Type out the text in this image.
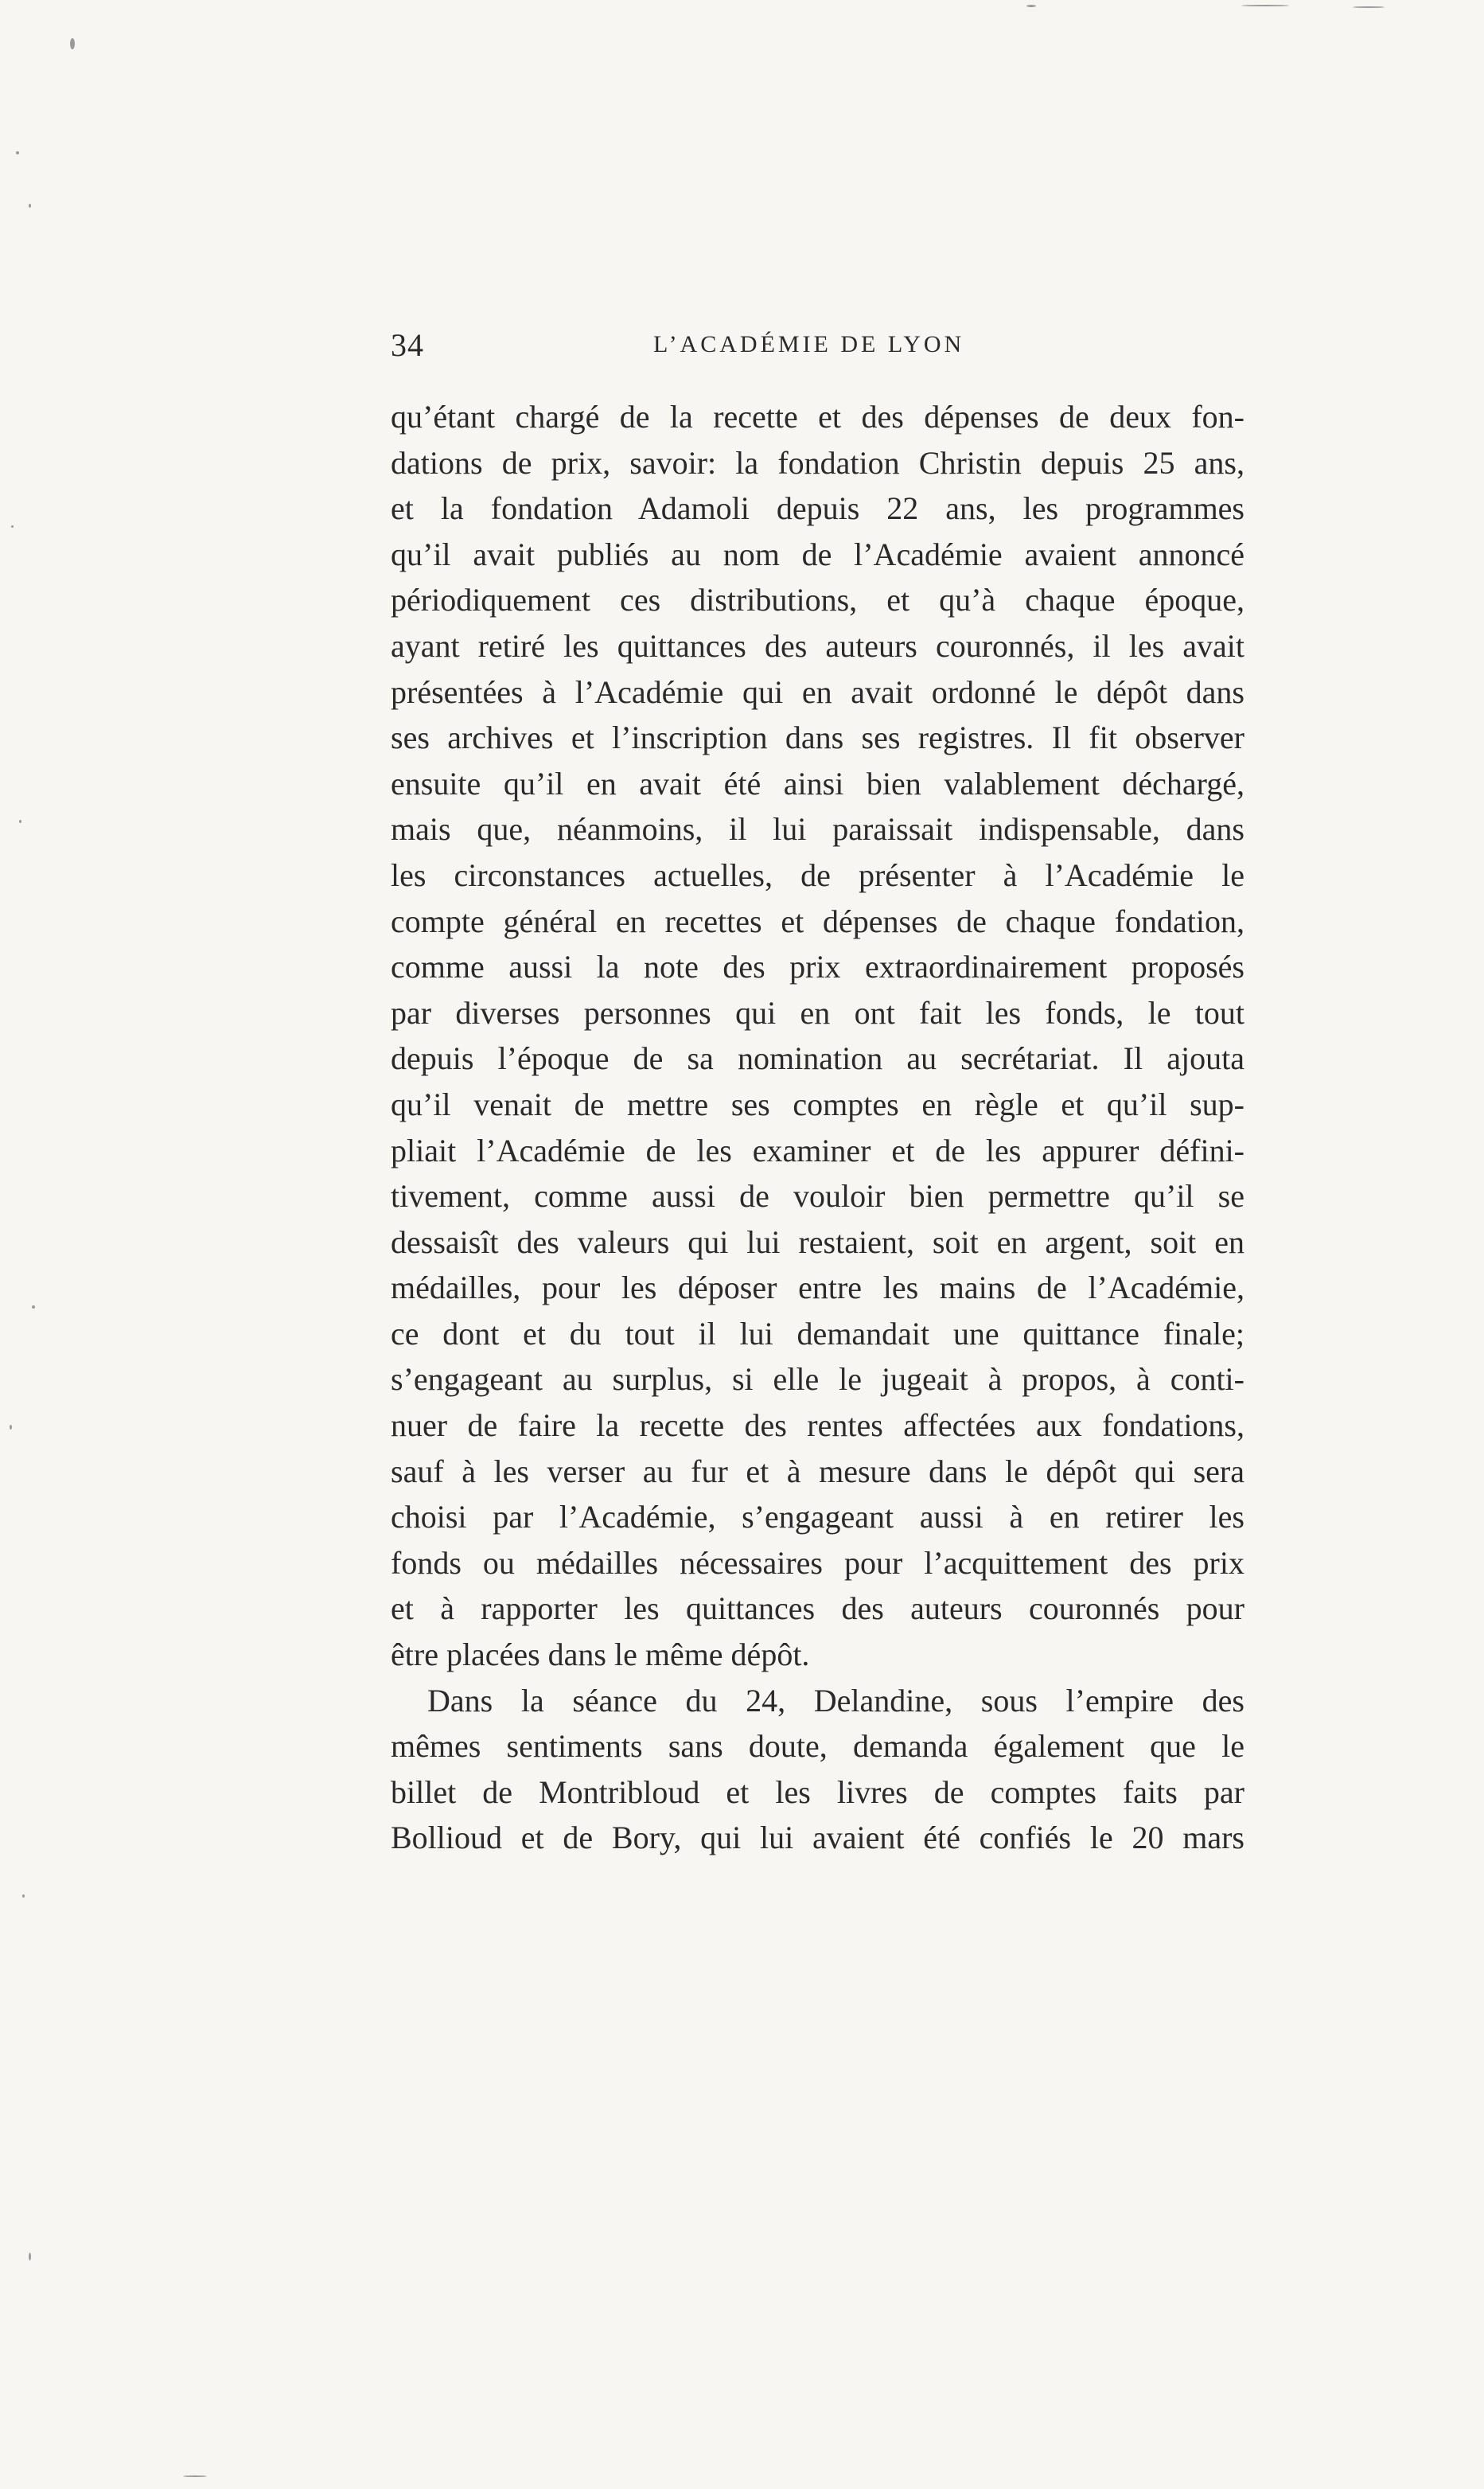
34	L’ACADÉMIE DE LYON
qu’étant chargé de la recette et des dépenses de deux fon-
dations de prix, savoir: la fondation Christin depuis 25 ans,
et la fondation Adamoli depuis 22 ans, les programmes
qu’il avait publiés au nom de l’Académie avaient annoncé
périodiquement ces distributions, et qu’à chaque époque,
ayant retiré les quittances des auteurs couronnés, il les avait
présentées à l’Académie qui en avait ordonné le dépôt dans
ses archives et l’inscription dans ses registres. Il fit observer
ensuite qu’il en avait été ainsi bien valablement déchargé,
mais que, néanmoins, il lui paraissait indispensable, dans
les circonstances actuelles, de présenter à l’Académie le
compte général en recettes et dépenses de chaque fondation,
comme aussi la note des prix extraordinairement proposés
par diverses personnes qui en ont fait les fonds, le tout
depuis l’époque de sa nomination au secrétariat. Il ajouta
qu’il venait de mettre ses comptes en règle et qu’il sup-
pliait l’Académie de les examiner et de les appurer défini-
tivement, comme aussi de vouloir bien permettre qu’il se
dessaisît des valeurs qui lui restaient, soit en argent, soit en
médailles, pour les déposer entre les mains de l’Académie,
ce dont et du tout il lui demandait une quittance finale;
s’engageant au surplus, si elle le jugeait à propos, à conti-
nuer de faire la recette des rentes affectées aux fondations,
sauf à les verser au fur et à mesure dans le dépôt qui sera
choisi par l’Académie, s’engageant aussi à en retirer les
fonds ou médailles nécessaires pour l’acquittement des prix
et à rapporter les quittances des auteurs couronnés pour
être placées dans le même dépôt.
Dans la séance du 24, Delandine, sous l’empire des
mêmes sentiments sans doute, demanda également que le
billet de Montribloud et les livres de comptes faits par
Bollioud et de Bory, qui lui avaient été confiés le 20 mars
